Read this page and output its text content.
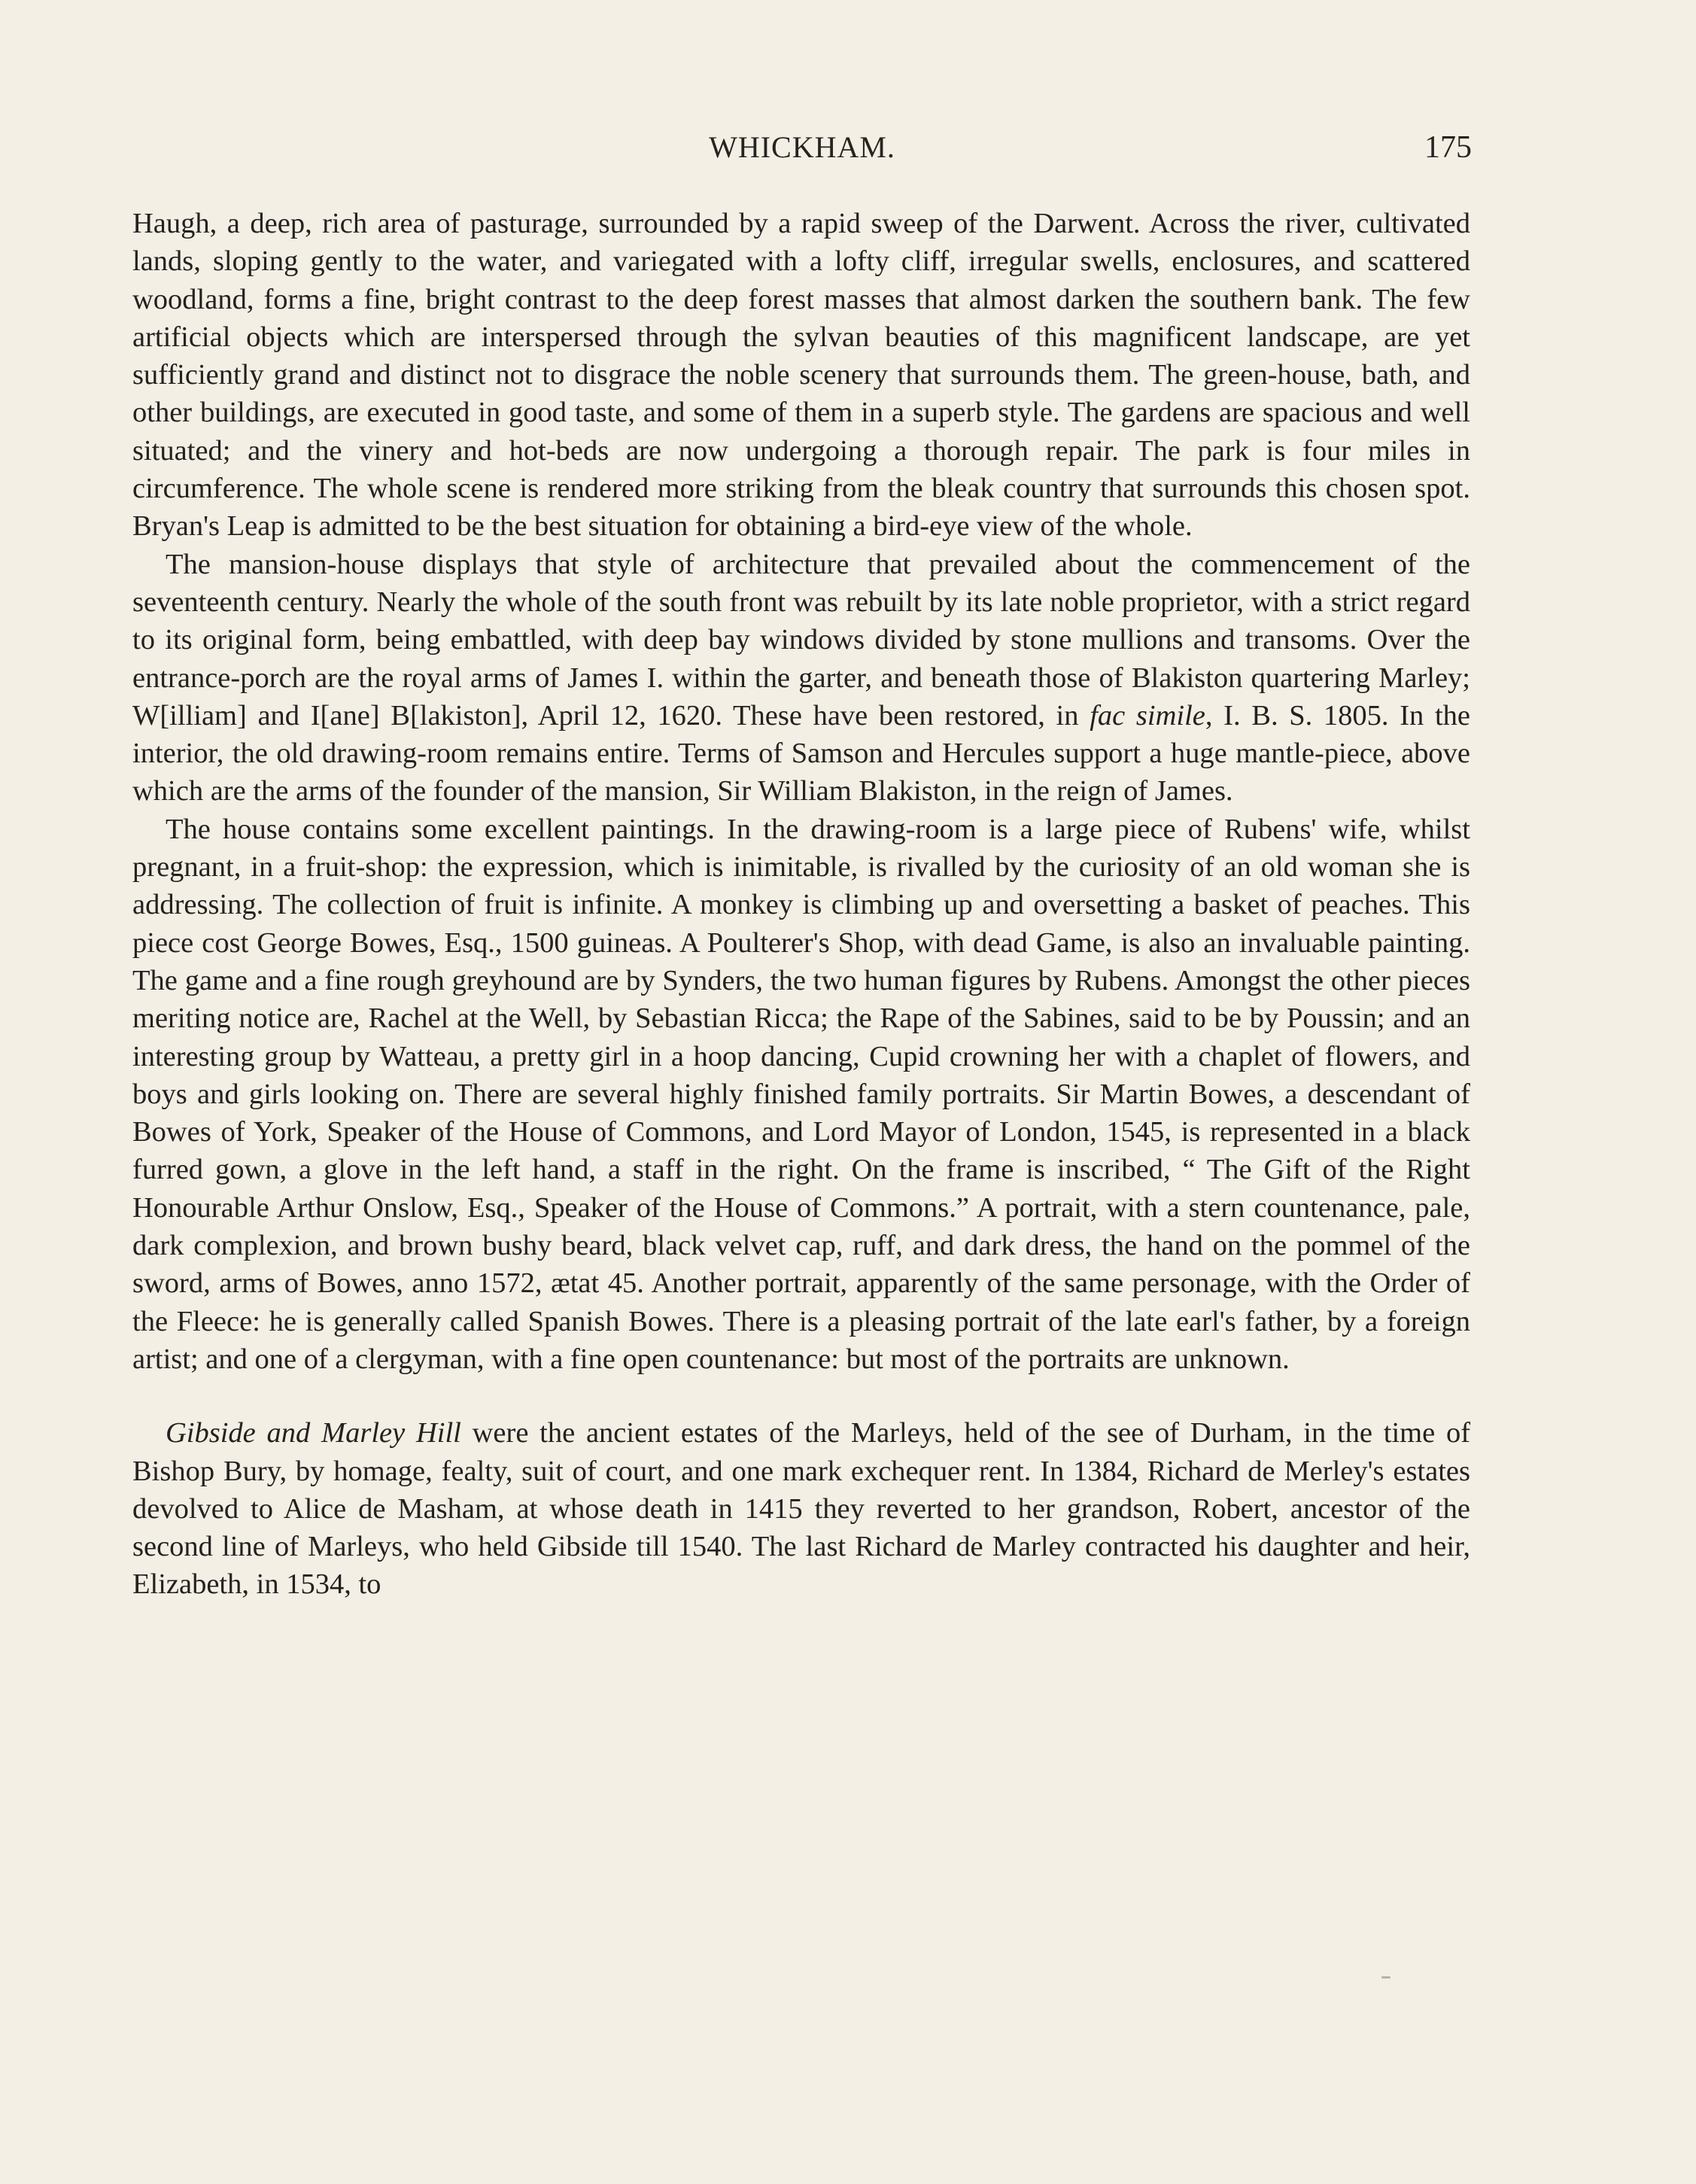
WHICKHAM.	175

Haugh, a deep, rich area of pasturage, surrounded by a rapid sweep of the Darwent. Across the river, cultivated lands, sloping gently to the water, and variegated with a lofty cliff, irregular swells, enclosures, and scattered woodland, forms a fine, bright contrast to the deep forest masses that almost darken the southern bank. The few artificial objects which are interspersed through the sylvan beauties of this magnificent landscape, are yet sufficiently grand and distinct not to disgrace the noble scenery that surrounds them. The green-house, bath, and other buildings, are executed in good taste, and some of them in a superb style. The gardens are spacious and well situated; and the vinery and hot-beds are now undergoing a thorough repair. The park is four miles in circumference. The whole scene is rendered more striking from the bleak country that surrounds this chosen spot. Bryan's Leap is admitted to be the best situation for obtaining a bird-eye view of the whole.

The mansion-house displays that style of architecture that prevailed about the commencement of the seventeenth century. Nearly the whole of the south front was rebuilt by its late noble proprietor, with a strict regard to its original form, being embattled, with deep bay windows divided by stone mullions and transoms. Over the entrance-porch are the royal arms of James I. within the garter, and beneath those of Blakiston quartering Marley; W[illiam] and I[ane] B[lakiston], April 12, 1620. These have been restored, in fac simile, I. B. S. 1805. In the interior, the old drawing-room remains entire. Terms of Samson and Hercules support a huge mantle-piece, above which are the arms of the founder of the mansion, Sir William Blakiston, in the reign of James.

The house contains some excellent paintings. In the drawing-room is a large piece of Rubens' wife, whilst pregnant, in a fruit-shop: the expression, which is inimitable, is rivalled by the curiosity of an old woman she is addressing. The collection of fruit is infinite. A monkey is climbing up and oversetting a basket of peaches. This piece cost George Bowes, Esq., 1500 guineas. A Poulterer's Shop, with dead Game, is also an invaluable painting. The game and a fine rough greyhound are by Synders, the two human figures by Rubens. Amongst the other pieces meriting notice are, Rachel at the Well, by Sebastian Ricca; the Rape of the Sabines, said to be by Poussin; and an interesting group by Watteau, a pretty girl in a hoop dancing, Cupid crowning her with a chaplet of flowers, and boys and girls looking on. There are several highly finished family portraits. Sir Martin Bowes, a descendant of Bowes of York, Speaker of the House of Commons, and Lord Mayor of London, 1545, is represented in a black furred gown, a glove in the left hand, a staff in the right. On the frame is inscribed, “ The Gift of the Right Honourable Arthur Onslow, Esq., Speaker of the House of Commons.” A portrait, with a stern countenance, pale, dark complexion, and brown bushy beard, black velvet cap, ruff, and dark dress, the hand on the pommel of the sword, arms of Bowes, anno 1572, ætat 45. Another portrait, apparently of the same personage, with the Order of the Fleece: he is generally called Spanish Bowes. There is a pleasing portrait of the late earl's father, by a foreign artist; and one of a clergyman, with a fine open countenance: but most of the portraits are unknown.

Gibside and Marley Hill were the ancient estates of the Marleys, held of the see of Durham, in the time of Bishop Bury, by homage, fealty, suit of court, and one mark exchequer rent. In 1384, Richard de Merley's estates devolved to Alice de Masham, at whose death in 1415 they reverted to her grandson, Robert, ancestor of the second line of Marleys, who held Gibside till 1540. The last Richard de Marley contracted his daughter and heir, Elizabeth, in 1534, to
